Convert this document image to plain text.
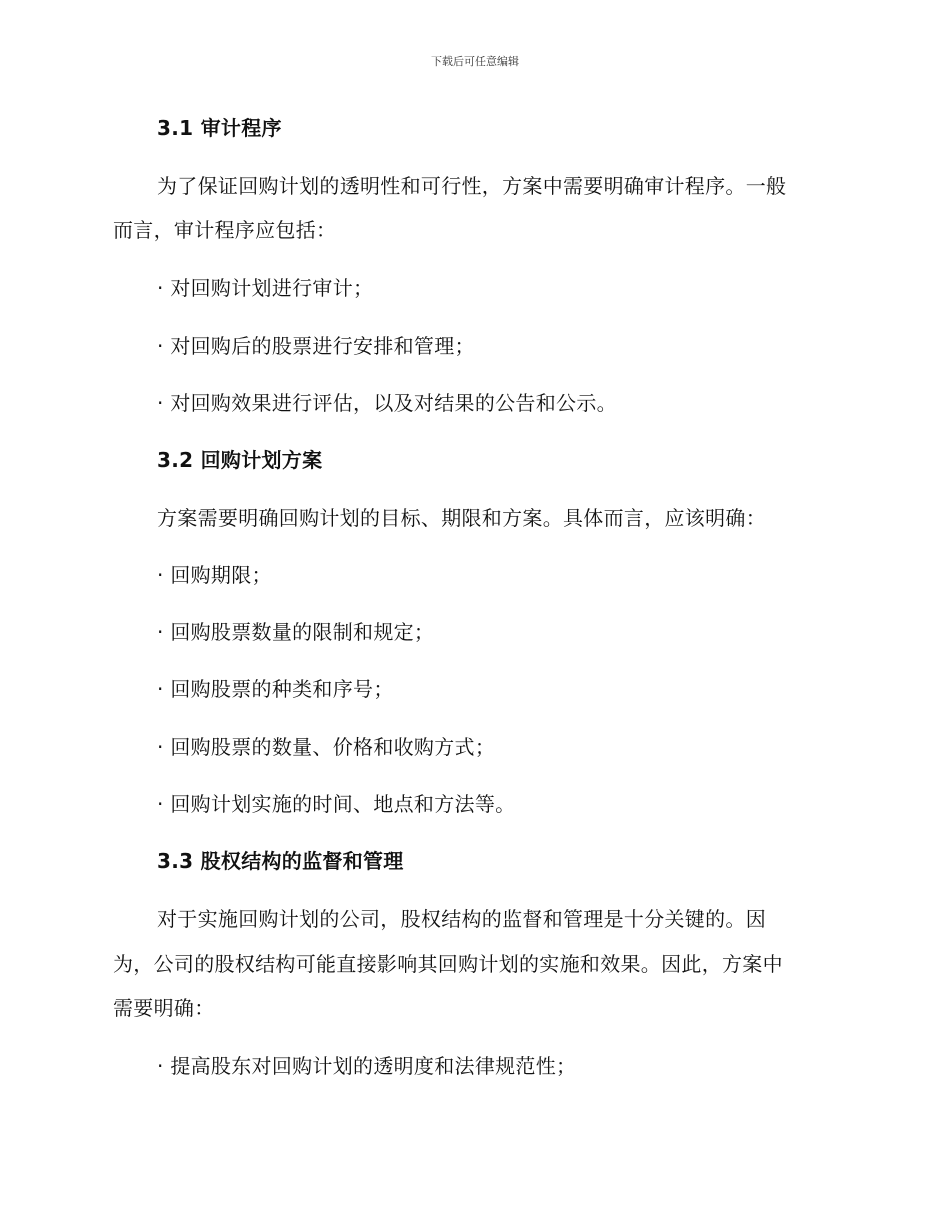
下载后可任意编辑
3.1 审计程序
为了保证回购计划的透明性和可行性，方案中需要明确审计程序。一般
而言，审计程序应包括：
· 对回购计划进行审计；
· 对回购后的股票进行安排和管理；
· 对回购效果进行评估，以及对结果的公告和公示。
3.2 回购计划方案
方案需要明确回购计划的目标、期限和方案。具体而言，应该明确：
· 回购期限；
· 回购股票数量的限制和规定；
· 回购股票的种类和序号；
· 回购股票的数量、价格和收购方式；
· 回购计划实施的时间、地点和方法等。
3.3 股权结构的监督和管理
对于实施回购计划的公司，股权结构的监督和管理是十分关键的。因
为，公司的股权结构可能直接影响其回购计划的实施和效果。因此，方案中
需要明确：
· 提高股东对回购计划的透明度和法律规范性；
